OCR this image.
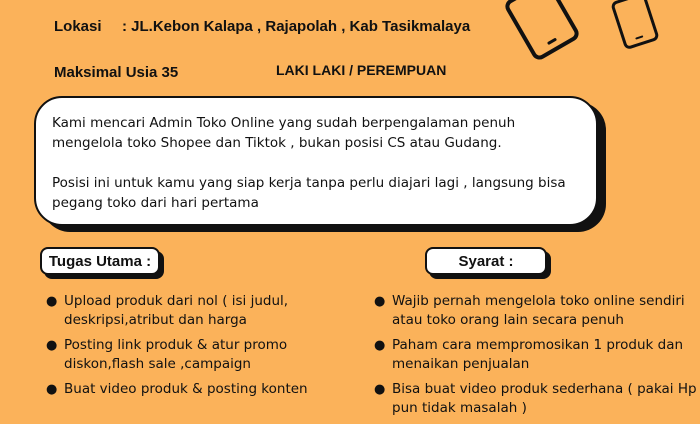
Lokasi : JL.Kebon Kalapa , Rajapolah , Kab Tasikmalaya
Maksimal Usia 35	LAKI LAKI / PEREMPUAN
Kami mencari Admin Toko Online yang sudah berpengalaman penuh mengelola toko Shopee dan Tiktok , bukan posisi CS atau Gudang.
Posisi ini untuk kamu yang siap kerja tanpa perlu diajari lagi , langsung bisa pegang toko dari hari pertama
Tugas Utama :	Syarat :
● Upload produk dari nol ( isi judul, deskripsi,atribut dan harga
● Posting link produk & atur promo diskon,flash sale ,campaign
● Buat video produk & posting konten
● Wajib pernah mengelola toko online sendiri atau toko orang lain secara penuh
● Paham cara mempromosikan 1 produk dan menaikan penjualan
● Bisa buat video produk sederhana ( pakai Hp pun tidak masalah )
